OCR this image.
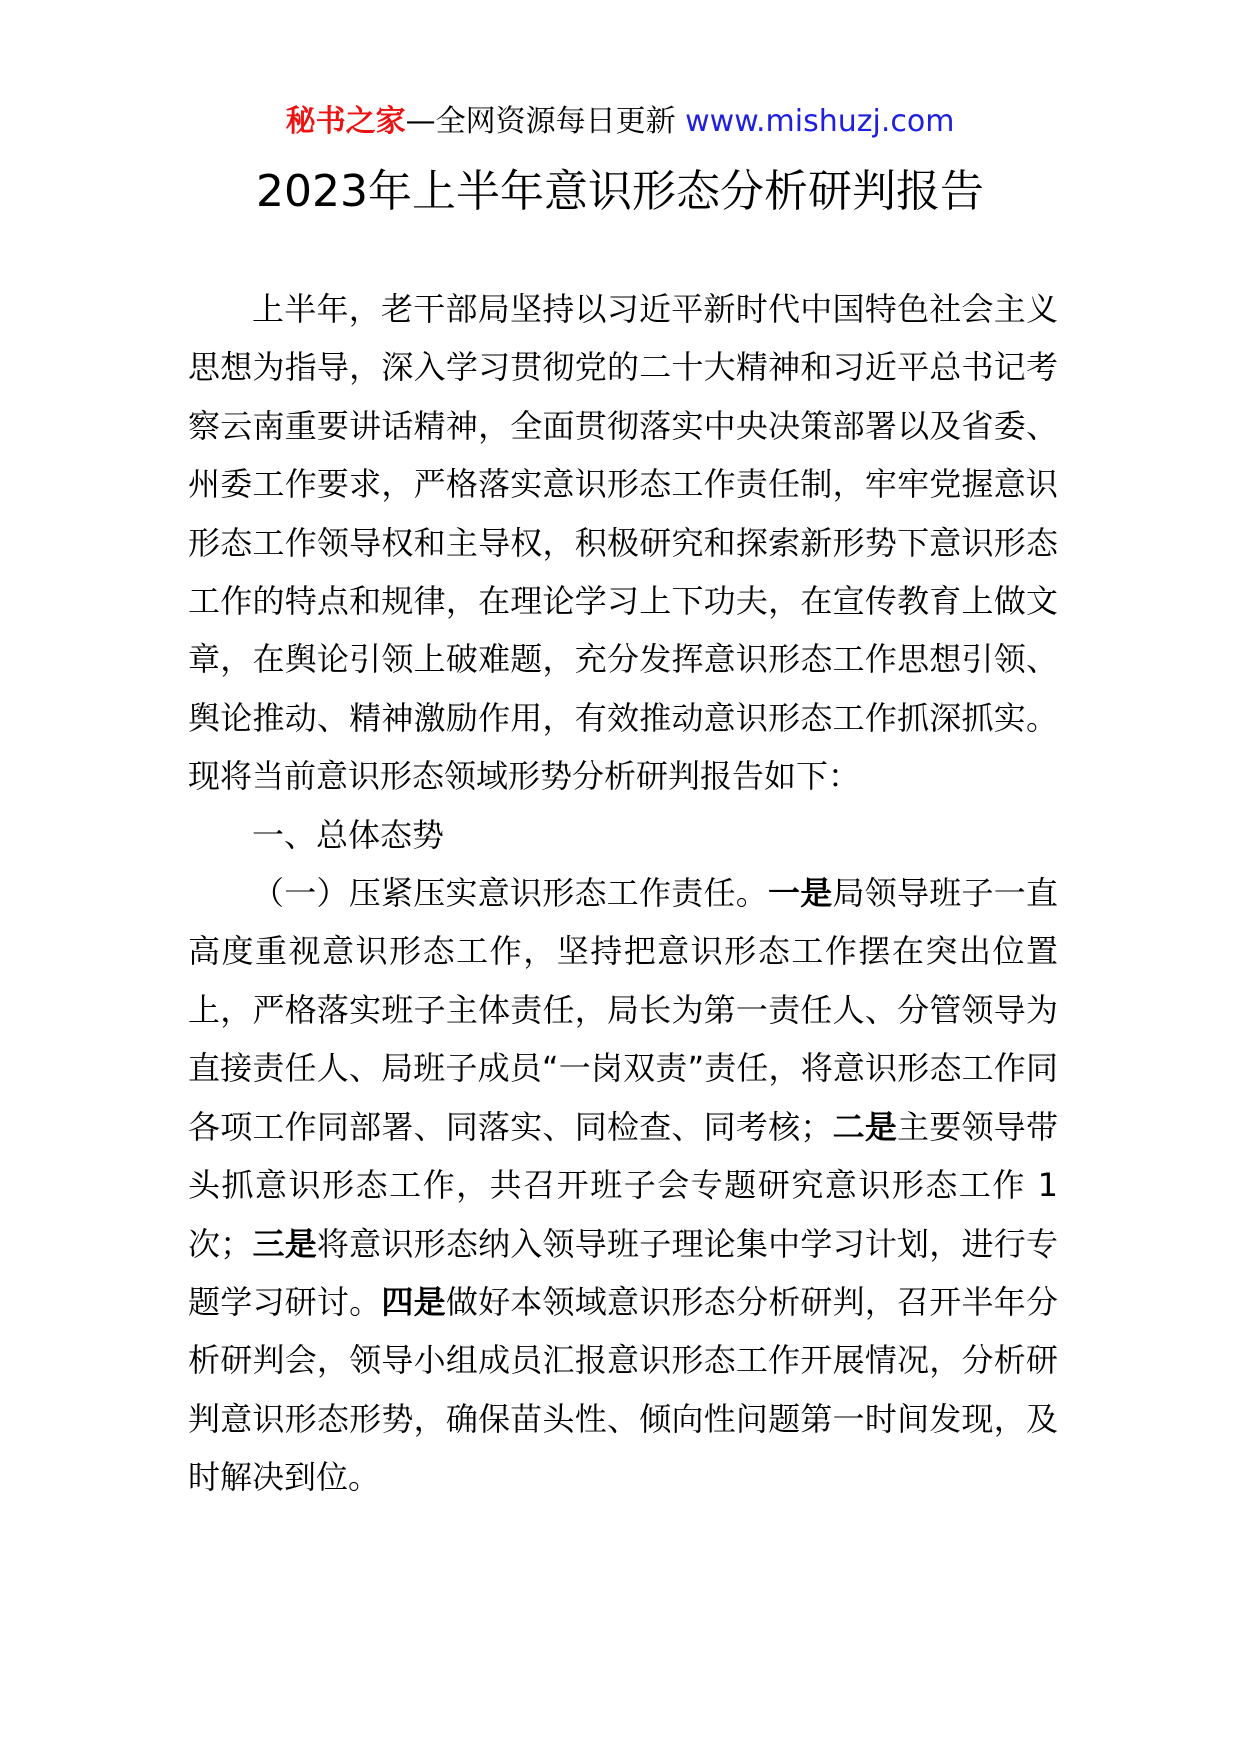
秘书之家—全网资源每日更新 www.mishuzj.com
2023年上半年意识形态分析研判报告

上半年，老干部局坚持以习近平新时代中国特色社会主义思想为指导，深入学习贯彻党的二十大精神和习近平总书记考察云南重要讲话精神，全面贯彻落实中央决策部署以及省委、州委工作要求，严格落实意识形态工作责任制，牢牢党握意识形态工作领导权和主导权，积极研究和探索新形势下意识形态工作的特点和规律，在理论学习上下功夫，在宣传教育上做文章，在舆论引领上破难题，充分发挥意识形态工作思想引领、舆论推动、精神激励作用，有效推动意识形态工作抓深抓实。现将当前意识形态领域形势分析研判报告如下：

一、总体态势

（一）压紧压实意识形态工作责任。一是局领导班子一直高度重视意识形态工作，坚持把意识形态工作摆在突出位置上，严格落实班子主体责任，局长为第一责任人、分管领导为直接责任人、局班子成员“一岗双责”责任，将意识形态工作同各项工作同部署、同落实、同检查、同考核；二是主要领导带头抓意识形态工作，共召开班子会专题研究意识形态工作 1 次；三是将意识形态纳入领导班子理论集中学习计划，进行专题学习研讨。四是做好本领域意识形态分析研判，召开半年分析研判会，领导小组成员汇报意识形态工作开展情况，分析研判意识形态形势，确保苗头性、倾向性问题第一时间发现，及时解决到位。
